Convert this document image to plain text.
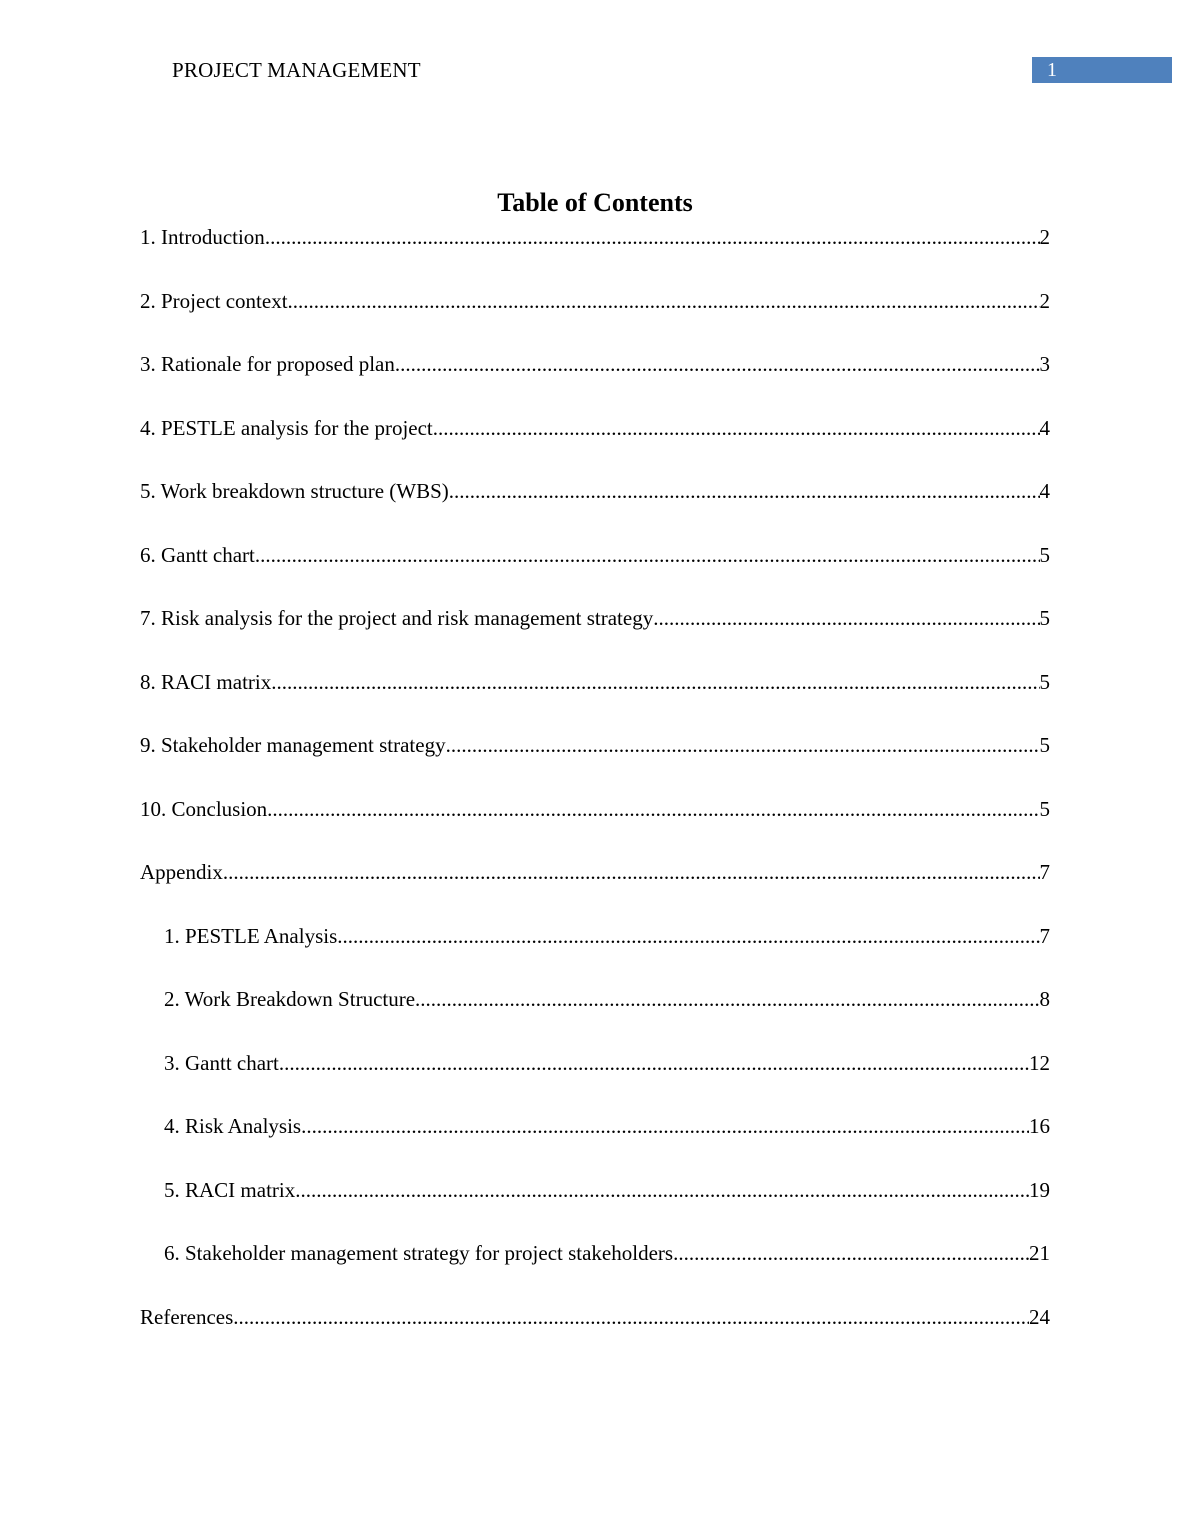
PROJECT MANAGEMENT	1
Table of Contents
1. Introduction .....	2
2. Project context .....	2
3. Rationale for proposed plan .....	3
4. PESTLE analysis for the project .....	4
5. Work breakdown structure (WBS) .....	4
6. Gantt chart .....	5
7. Risk analysis for the project and risk management strategy .....	5
8. RACI matrix .....	5
9. Stakeholder management strategy .....	5
10. Conclusion .....	5
Appendix .....	7
1. PESTLE Analysis .....	7
2. Work Breakdown Structure .....	8
3. Gantt chart .....	12
4. Risk Analysis .....	16
5. RACI matrix .....	19
6. Stakeholder management strategy for project stakeholders .....	21
References .....	24
